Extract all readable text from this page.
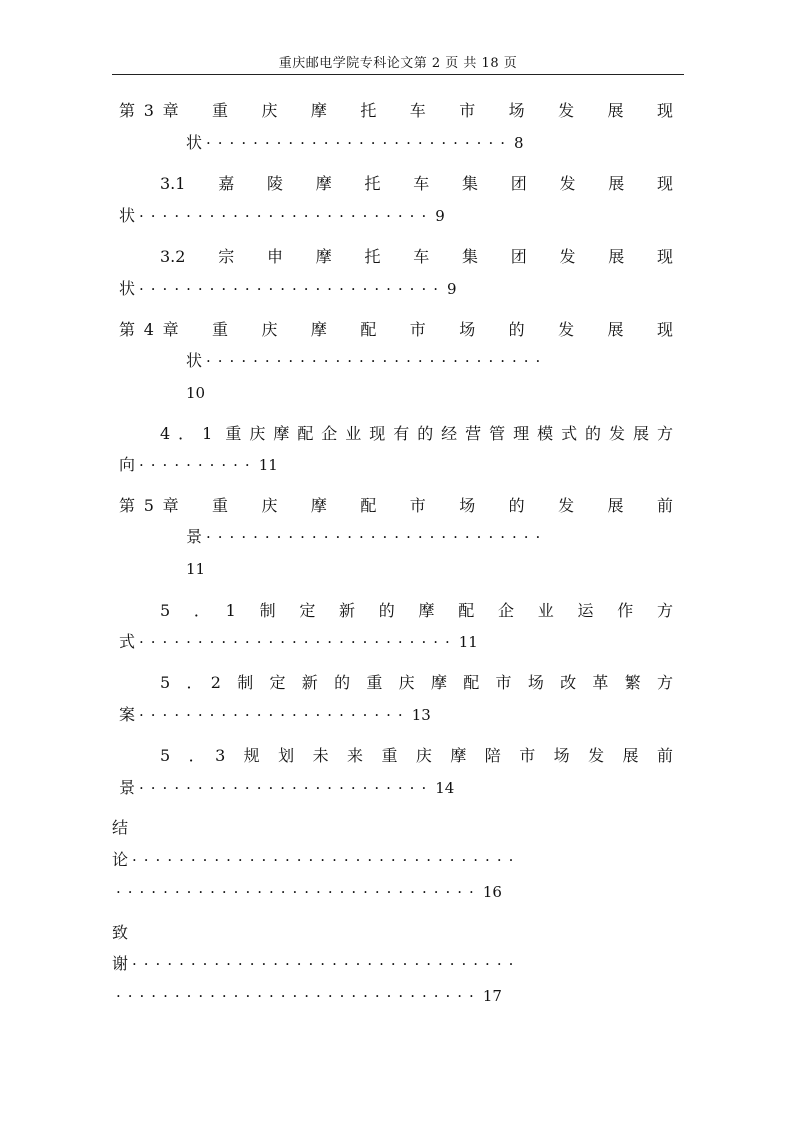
重庆邮电学院专科论文第 2 页 共 18 页
第3章　重　庆　摩　托　车　市　场　发　展　现
状 ·························· 8
3.1　嘉　陵　摩　托　车　集　团　发　展　现
状 ························· 9
3.2　宗　申　摩　托　车　集　团　发　展　现
状 ·························· 9
第4章　重　庆　摩　配　市　场　的　发　展　现
状 ·····························
10
4．1 重庆摩配企业现有的经营管理模式的发展方
向 ·········· 11
第5章　重　庆　摩　配　市　场　的　发　展　前
景 ·····························
11
5　．　1　制　定　新　的　摩　配　企　业　运　作　方
式 ··························· 11
5　．　2　制　定　新　的　重　庆　摩　配　市　场　改　革　繁　方
案 ······················· 13
5　．　3　规　划　未　来　重　庆　摩　陪　市　场　发　展　前
景 ························· 14
结
论 ·································
······························· 16
致
谢 ·································
······························· 17
